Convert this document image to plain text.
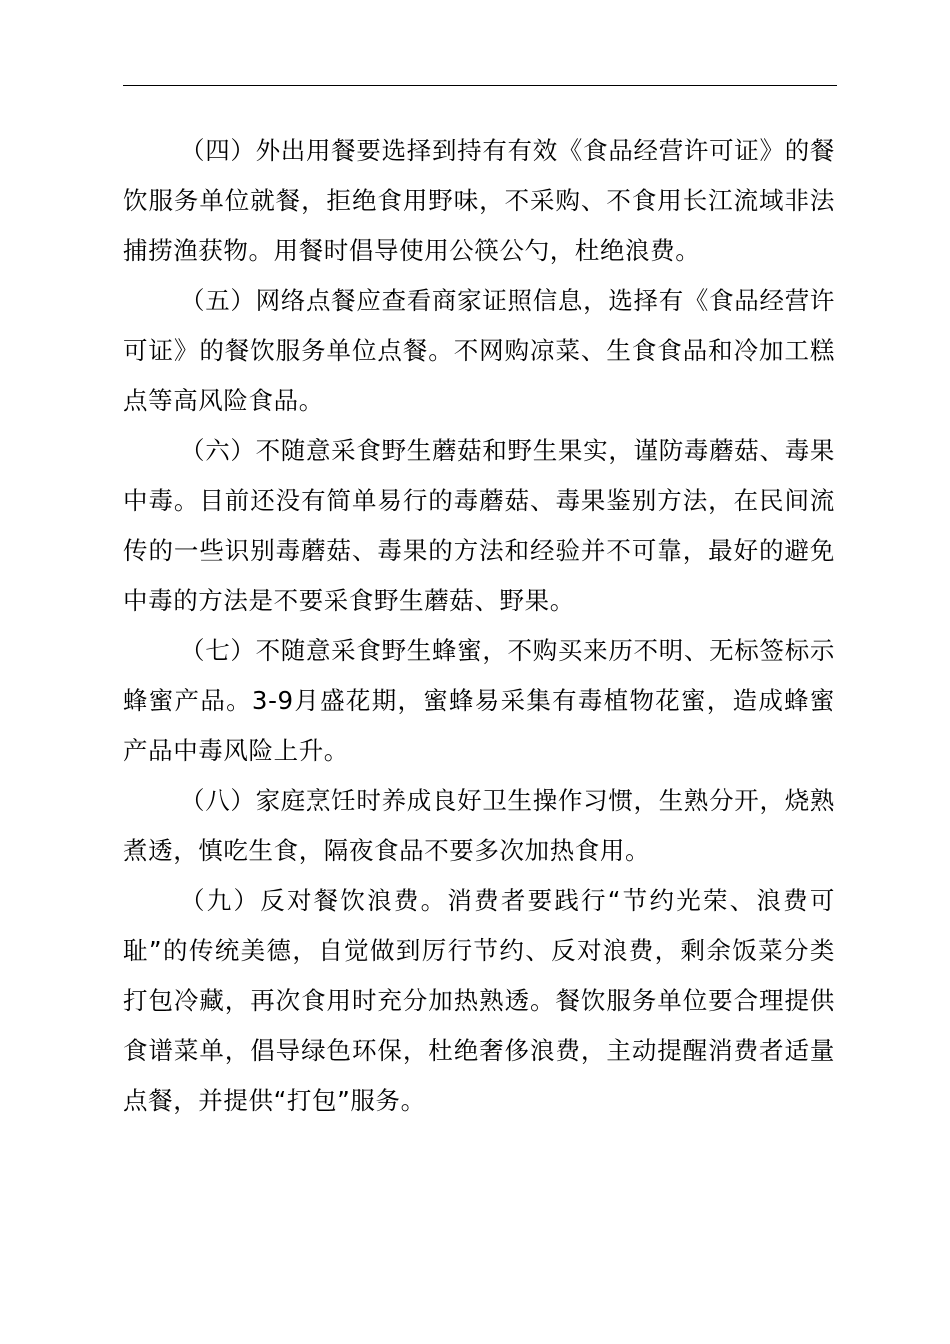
（四）外出用餐要选择到持有有效《食品经营许可证》的餐饮服务单位就餐，拒绝食用野味，不采购、不食用长江流域非法捕捞渔获物。用餐时倡导使用公筷公勺，杜绝浪费。

（五）网络点餐应查看商家证照信息，选择有《食品经营许可证》的餐饮服务单位点餐。不网购凉菜、生食食品和冷加工糕点等高风险食品。

（六）不随意采食野生蘑菇和野生果实，谨防毒蘑菇、毒果中毒。目前还没有简单易行的毒蘑菇、毒果鉴别方法，在民间流传的一些识别毒蘑菇、毒果的方法和经验并不可靠，最好的避免中毒的方法是不要采食野生蘑菇、野果。

（七）不随意采食野生蜂蜜，不购买来历不明、无标签标示蜂蜜产品。3-9月盛花期，蜜蜂易采集有毒植物花蜜，造成蜂蜜产品中毒风险上升。

（八）家庭烹饪时养成良好卫生操作习惯，生熟分开，烧熟煮透，慎吃生食，隔夜食品不要多次加热食用。

（九）反对餐饮浪费。消费者要践行“节约光荣、浪费可耻”的传统美德，自觉做到厉行节约、反对浪费，剩余饭菜分类打包冷藏，再次食用时充分加热熟透。餐饮服务单位要合理提供食谱菜单，倡导绿色环保，杜绝奢侈浪费，主动提醒消费者适量点餐，并提供“打包”服务。
